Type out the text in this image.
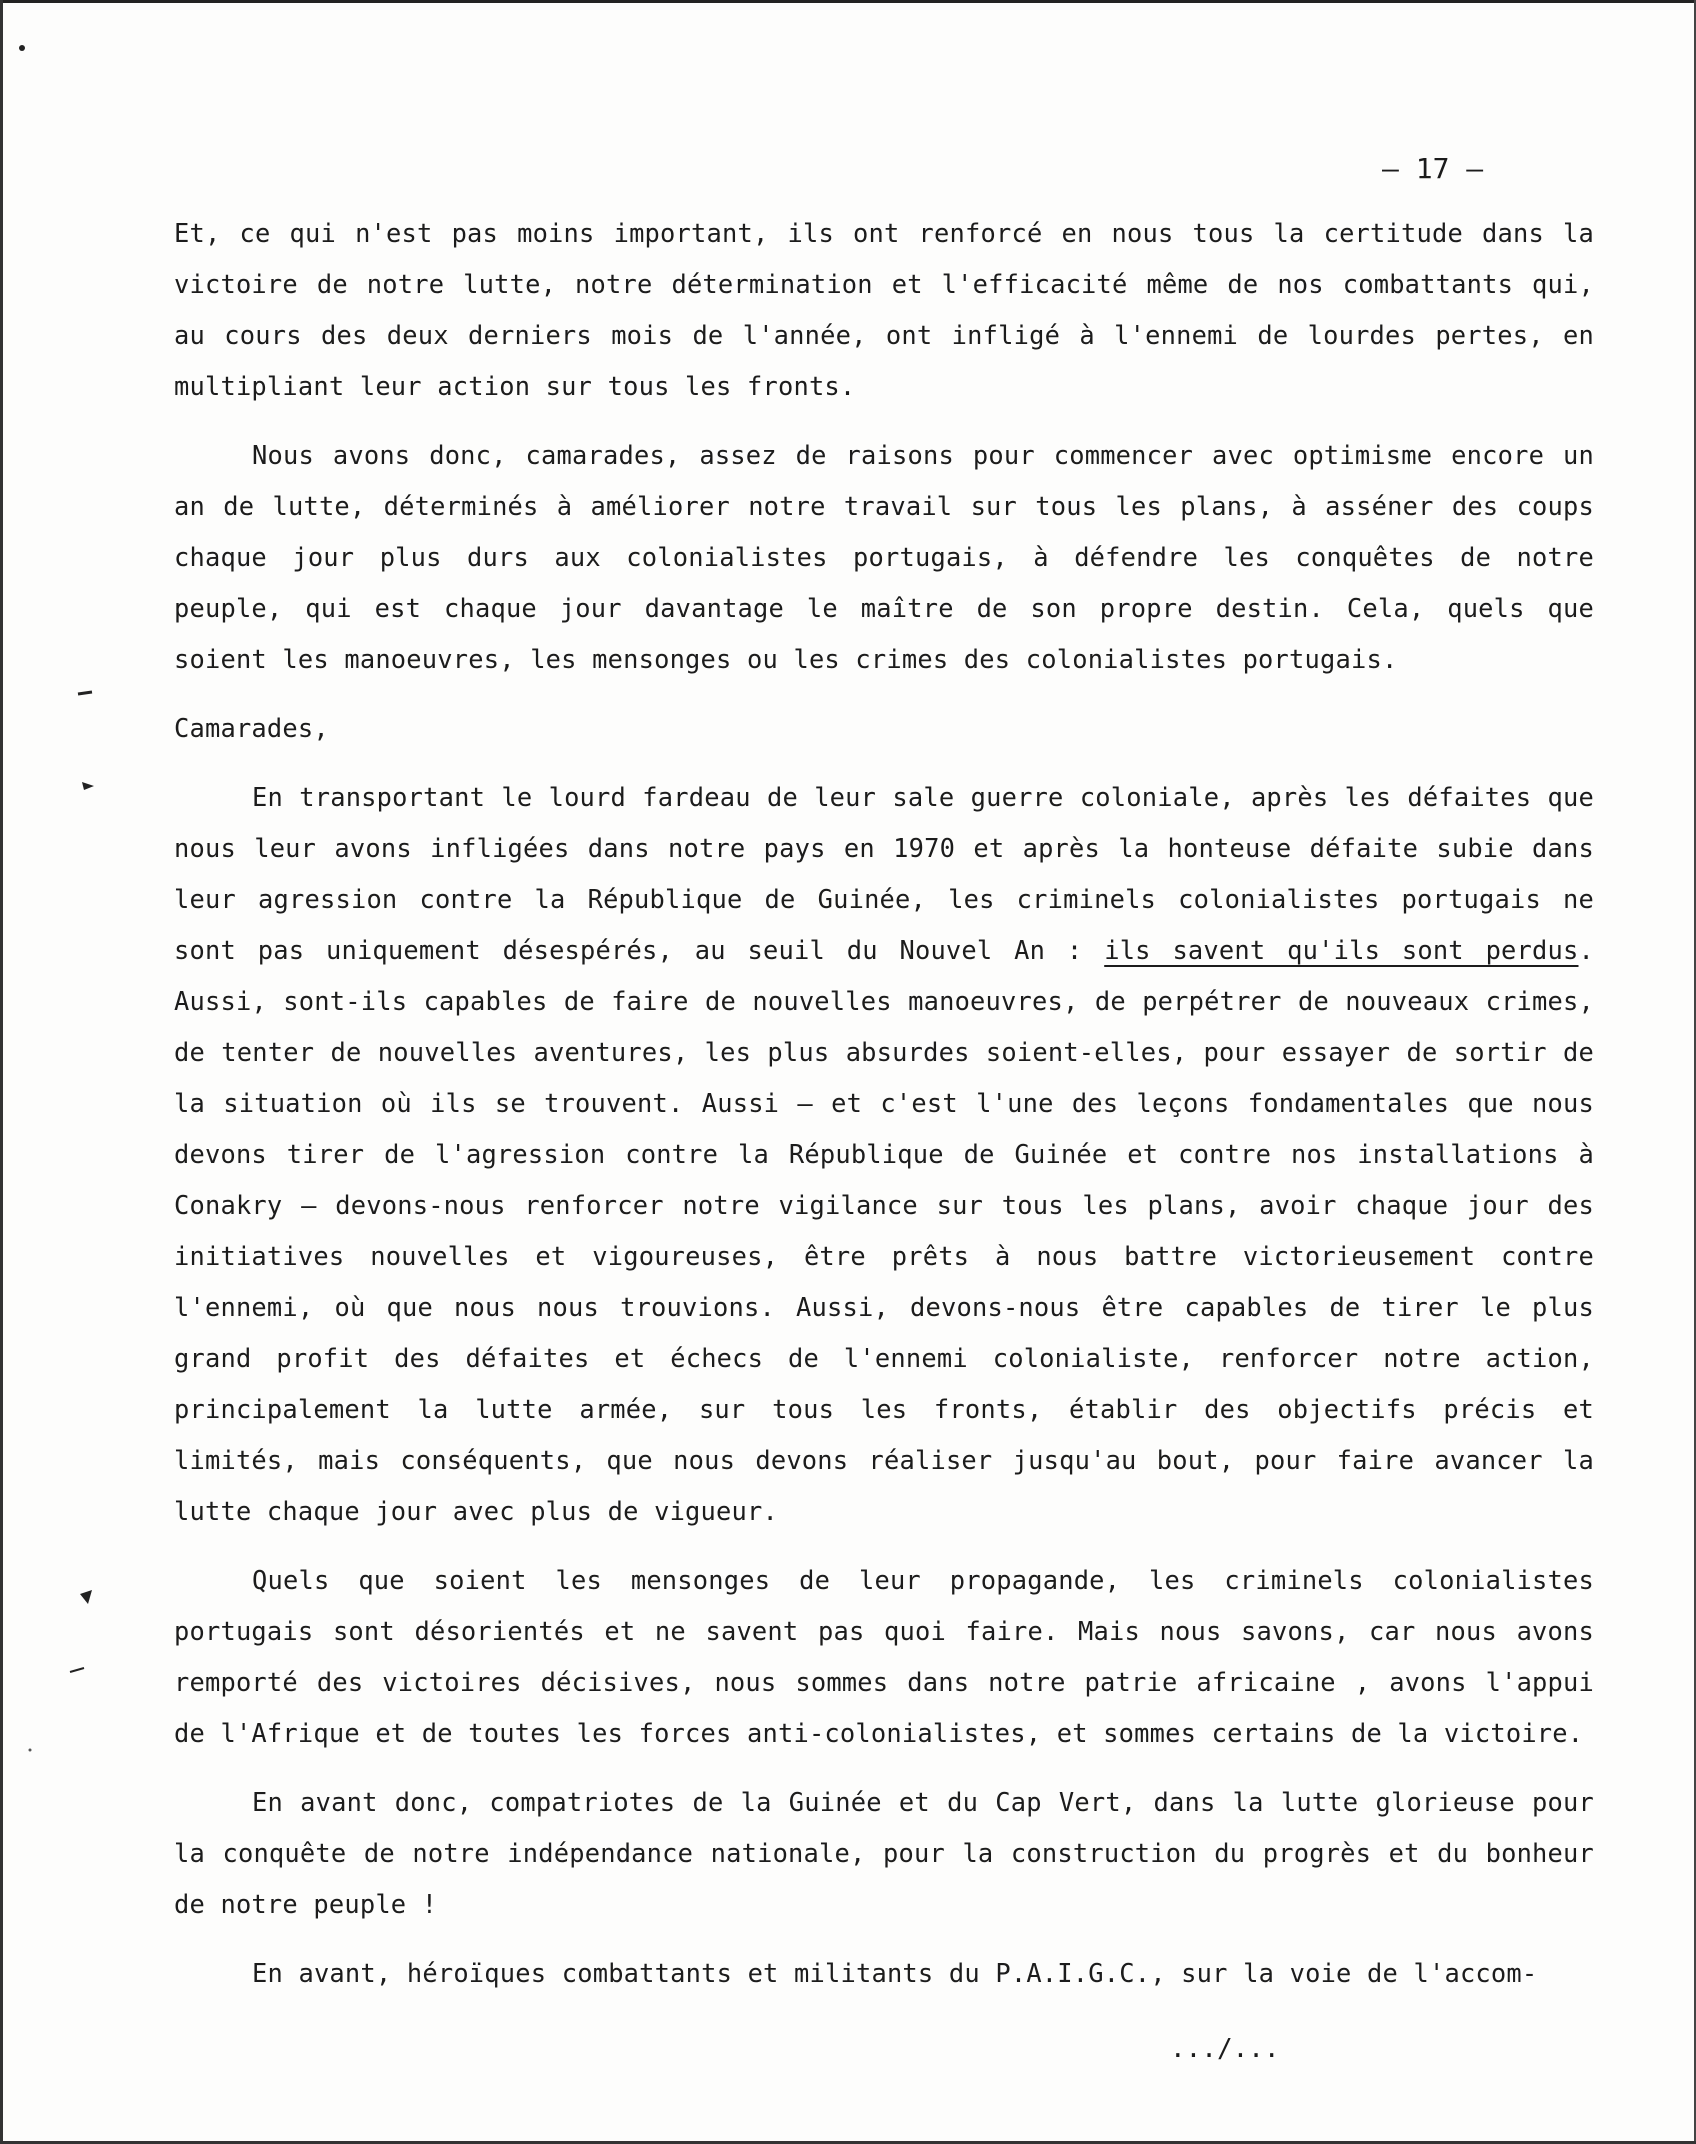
– 17 –

Et, ce qui n'est pas moins important, ils ont renforcé en nous tous la certitude dans la victoire de notre lutte, notre détermination et l'efficacité même de nos combattants qui, au cours des deux derniers mois de l'année, ont infligé à l'ennemi de lourdes pertes, en multipliant leur action sur tous les fronts.

Nous avons donc, camarades, assez de raisons pour commencer avec optimisme encore un an de lutte, déterminés à améliorer notre travail sur tous les plans, à asséner des coups chaque jour plus durs aux colonialistes portugais, à défendre les conquêtes de notre peuple, qui est chaque jour davantage le maître de son propre destin. Cela, quels que soient les manoeuvres, les mensonges ou les crimes des colonialistes portugais.

Camarades,

En transportant le lourd fardeau de leur sale guerre coloniale, après les défaites que nous leur avons infligées dans notre pays en 1970 et après la honteuse défaite subie dans leur agression contre la République de Guinée, les criminels colonialistes portugais ne sont pas uniquement désespérés, au seuil du Nouvel An : ils savent qu'ils sont perdus. Aussi, sont-ils capables de faire de nouvelles manoeuvres, de perpétrer de nouveaux crimes, de tenter de nouvelles aventures, les plus absurdes soient-elles, pour essayer de sortir de la situation où ils se trouvent. Aussi – et c'est l'une des leçons fondamentales que nous devons tirer de l'agression contre la République de Guinée et contre nos installations à Conakry – devons-nous renforcer notre vigilance sur tous les plans, avoir chaque jour des initiatives nouvelles et vigoureuses, être prêts à nous battre victorieusement contre l'ennemi, où que nous nous trouvions. Aussi, devons-nous être capables de tirer le plus grand profit des défaites et échecs de l'ennemi colonialiste, renforcer notre action, principalement la lutte armée, sur tous les fronts, établir des objectifs précis et limités, mais conséquents, que nous devons réaliser jusqu'au bout, pour faire avancer la lutte chaque jour avec plus de vigueur.

Quels que soient les mensonges de leur propagande, les criminels colonialistes portugais sont désorientés et ne savent pas quoi faire. Mais nous savons, car nous avons remporté des victoires décisives, nous sommes dans notre patrie africaine , avons l'appui de l'Afrique et de toutes les forces anti-colonialistes, et sommes certains de la victoire.

En avant donc, compatriotes de la Guinée et du Cap Vert, dans la lutte glorieuse pour la conquête de notre indépendance nationale, pour la construction du progrès et du bonheur de notre peuple !

En avant, héroïques combattants et militants du P.A.I.G.C., sur la voie de l'accom-

.../...
